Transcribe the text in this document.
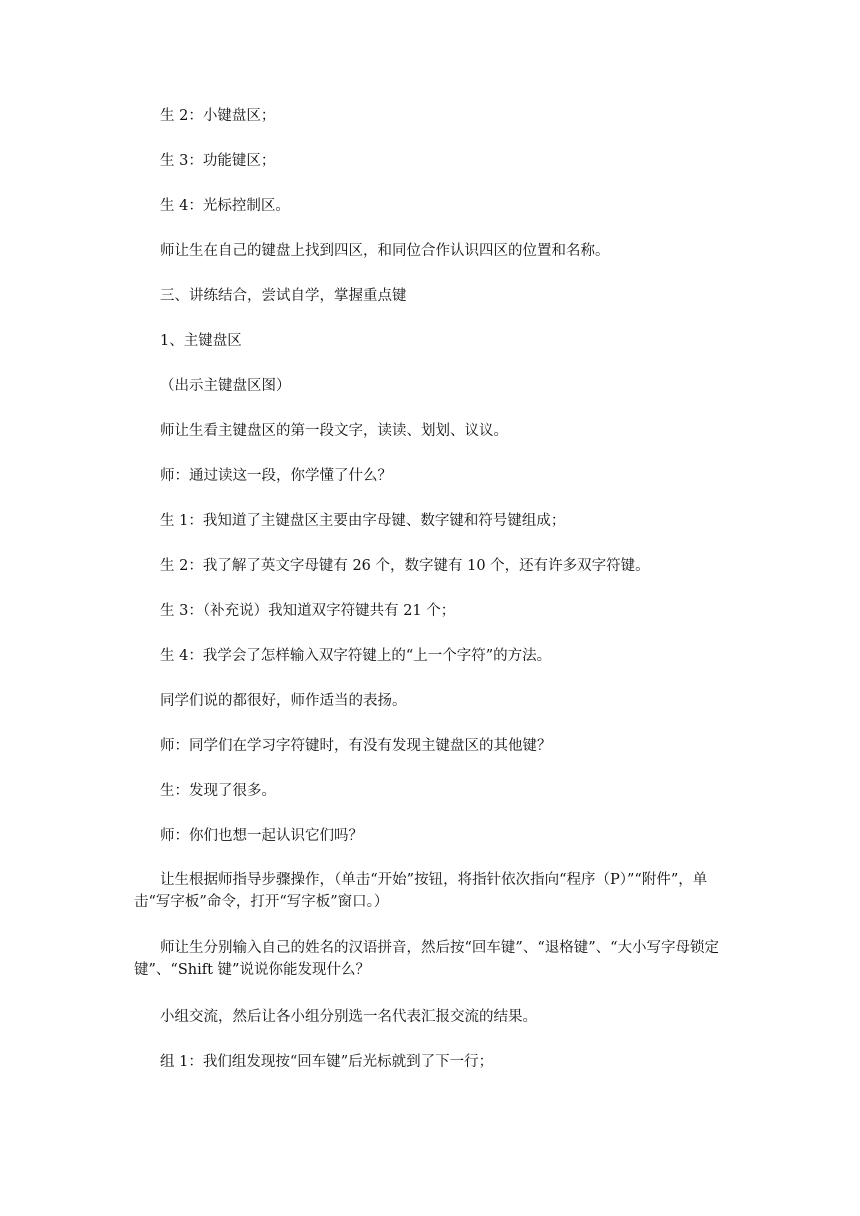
生 2：小键盘区；
生 3：功能键区；
生 4：光标控制区。
师让生在自己的键盘上找到四区，和同位合作认识四区的位置和名称。
三、讲练结合，尝试自学，掌握重点键
1、主键盘区
（出示主键盘区图）
师让生看主键盘区的第一段文字，读读、划划、议议。
师：通过读这一段，你学懂了什么？
生 1：我知道了主键盘区主要由字母键、数字键和符号键组成；
生 2：我了解了英文字母键有 26 个，数字键有 10 个，还有许多双字符键。
生 3：（补充说）我知道双字符键共有 21 个；
生 4：我学会了怎样输入双字符键上的“上一个字符”的方法。
同学们说的都很好，师作适当的表扬。
师：同学们在学习字符键时，有没有发现主键盘区的其他键？
生：发现了很多。
师：你们也想一起认识它们吗？
让生根据师指导步骤操作，（单击“开始”按钮，将指针依次指向“程序（P）”“附件”，单击“写字板”命令，打开“写字板”窗口。）
师让生分别输入自己的姓名的汉语拼音，然后按“回车键”、“退格键”、“大小写字母锁定键”、“Shift 键”说说你能发现什么？
小组交流，然后让各小组分别选一名代表汇报交流的结果。
组 1：我们组发现按“回车键”后光标就到了下一行；
